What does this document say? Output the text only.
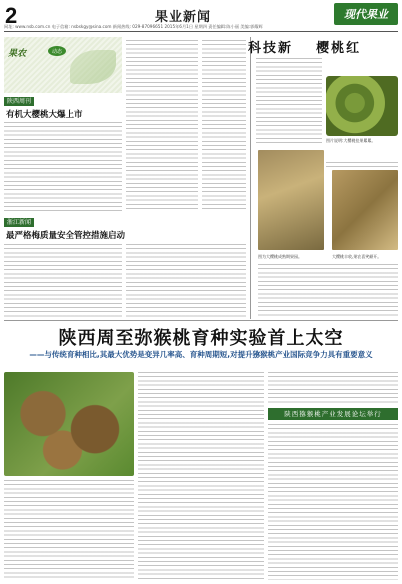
2	果业新闻	现代果业
网址: www.nsb.com.cn 电子信箱: nsbskgy@sina.com 新闻热线: 029-87096651 2015年6月1日 星期四 责任编辑:陈小丽 美编:郭耀辉
果农	动态
陕西周刊
有机大樱桃大爆上市
浙江新闻
最严格梅质量安全管控措施启动
科技新 樱桃红
图片说明:大樱桃挂果累累。
图为大樱桃成熟期果园。	大樱桃丰收,果农喜笑颜开。
陕西周至弥猴桃育种实验首上太空
——与传统育种相比,其最大优势是变异几率高、育种周期短,对提升猕猴桃产业国际竞争力具有重要意义
陕西猕猴桃产业发展论坛举行
